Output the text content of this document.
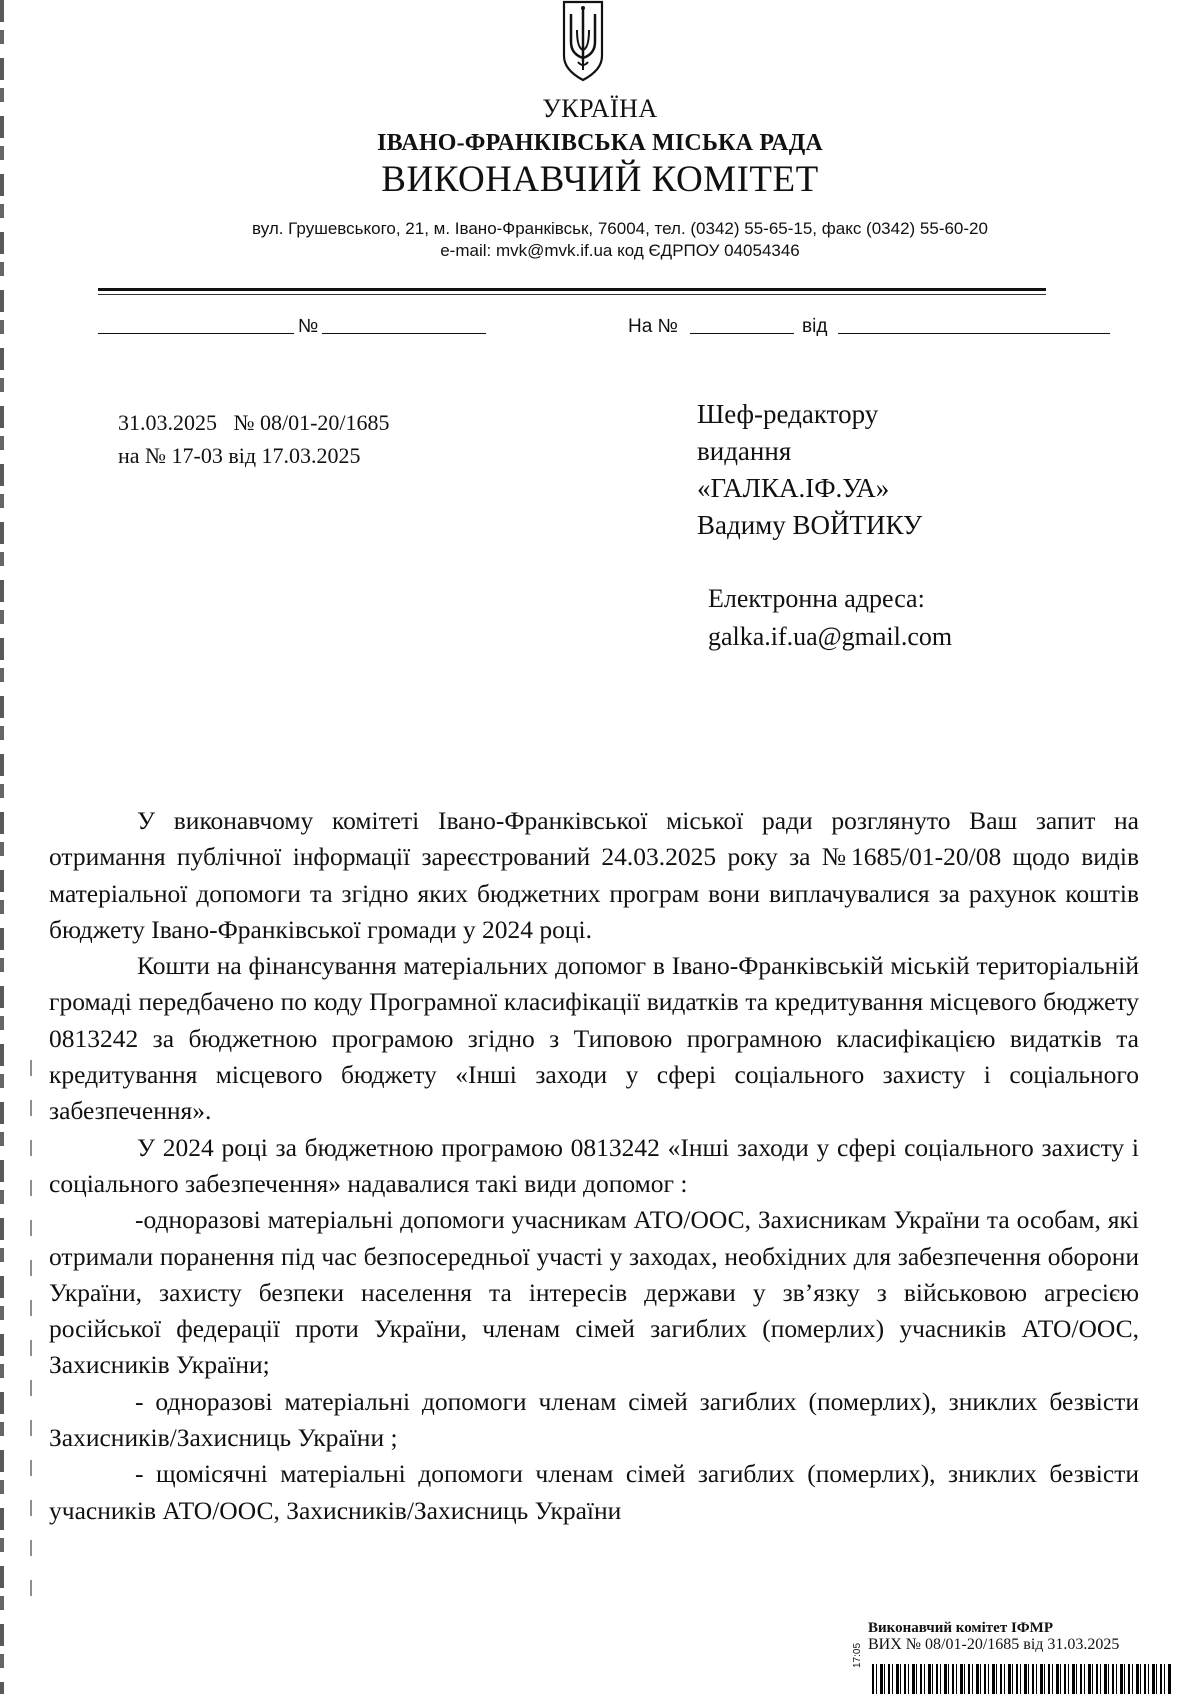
УКРАЇНА
ІВАНО-ФРАНКІВСЬКА МІСЬКА РАДА
ВИКОНАВЧИЙ КОМІТЕТ
вул. Грушевського, 21, м. Івано-Франківськ, 76004, тел. (0342) 55-65-15, факс (0342) 55-60-20
e-mail: mvk@mvk.if.ua код ЄДРПОУ 04054346
№	На №	від
31.03.2025 № 08/01-20/1685
на № 17-03 від 17.03.2025
Шеф-редактору
видання
«ГАЛКА.ІФ.УА»
Вадиму ВОЙТИКУ
Електронна адреса:
galka.if.ua@gmail.com

У виконавчому комітеті Івано-Франківської міської ради розглянуто Ваш запит на отримання публічної інформації зареєстрований 24.03.2025 року за №1685/01-20/08 щодо видів матеріальної допомоги та згідно яких бюджетних програм вони виплачувалися за рахунок коштів бюджету Івано-Франківської громади у 2024 році.

Кошти на фінансування матеріальних допомог в Івано-Франківській міській територіальній громаді передбачено по коду Програмної класифікації видатків та кредитування місцевого бюджету 0813242 за бюджетною програмою згідно з Типовою програмною класифікацією видатків та кредитування місцевого бюджету «Інші заходи у сфері соціального захисту і соціального забезпечення».

У 2024 році за бюджетною програмою 0813242 «Інші заходи у сфері соціального захисту і соціального забезпечення» надавалися такі види допомог :

-одноразові матеріальні допомоги учасникам АТО/ООС, Захисникам України та особам, які отримали поранення під час безпосередньої участі у заходах, необхідних для забезпечення оборони України, захисту безпеки населення та інтересів держави у зв’язку з військовою агресією російської федерації проти України, членам сімей загиблих (померлих) учасників АТО/ООС, Захисників України;

- одноразові матеріальні допомоги членам сімей загиблих (померлих), зниклих безвісти Захисників/Захисниць України ;

- щомісячні матеріальні допомоги членам сімей загиблих (померлих), зниклих безвісти учасників АТО/ООС, Захисників/Захисниць України

Виконавчий комітет ІФМР
ВИХ № 08/01-20/1685 від 31.03.2025
17:05
